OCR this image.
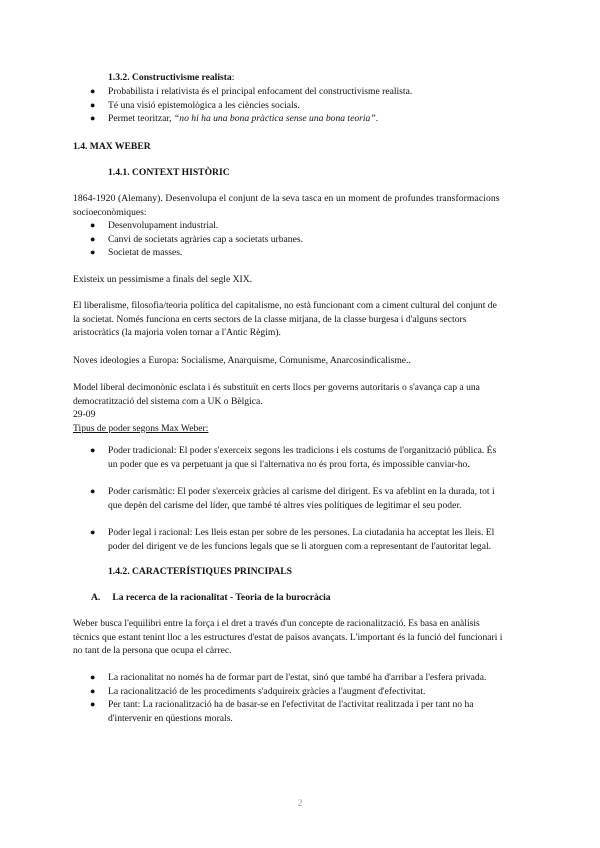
1.3.2. Constructivisme realista:
● Probabilista i relativista és el principal enfocament del constructivisme realista.
● Té una visió epistemològica a les ciències socials.
● Permet teoritzar, “no hi ha una bona pràctica sense una bona teoria”.
1.4. MAX WEBER
1.4.1. CONTEXT HISTÒRIC
1864-1920 (Alemany). Desenvolupa el conjunt de la seva tasca en un moment de profundes transformacions
socioeconòmiques:
● Desenvolupament industrial.
● Canvi de societats agràries cap a societats urbanes.
● Societat de masses.
Existeix un pessimisme a finals del segle XIX.
El liberalisme, filosofia/teoria política del capitalisme, no està funcionant com a ciment cultural del conjunt de
la societat. Només funciona en certs sectors de la classe mitjana, de la classe burgesa i d'alguns sectors
aristocràtics (la majoria volen tornar a l'Antic Règim).
Noves ideologies a Europa: Socialisme, Anarquisme, Comunisme, Anarcosindicalisme..
Model liberal decimonònic esclata i és substituït en certs llocs per governs autoritaris o s'avança cap a una
democratització del sistema com a UK o Bèlgica.
29-09
Tipus de poder segons Max Weber:
● Poder tradicional: El poder s'exerceix segons les tradicions i els costums de l'organització pública. És
un poder que es va perpetuant ja que si l'alternativa no és prou forta, és impossible canviar-ho.
● Poder carismàtic: El poder s'exerceix gràcies al carisme del dirigent. Es va afeblint en la durada, tot i
que depèn del carisme del líder, que també té altres vies polítiques de legitimar el seu poder.
● Poder legal i racional: Les lleis estan per sobre de les persones. La ciutadania ha acceptat les lleis. El
poder del dirigent ve de les funcions legals que se li atorguen com a representant de l'autoritat legal.
1.4.2. CARACTERÍSTIQUES PRINCIPALS
A. La recerca de la racionalitat - Teoria de la burocràcia
Weber busca l'equilibri entre la força i el dret a través d'un concepte de racionalització. Es basa en anàlisis
tècnics que estant tenint lloc a les estructures d'estat de països avançats. L'important és la funció del funcionari i
no tant de la persona que ocupa el càrrec.
● La racionalitat no només ha de formar part de l'estat, sinó que també ha d'arribar a l'esfera privada.
● La racionalització de les procediments s'adquireix gràcies a l'augment d'efectivitat.
● Per tant: La racionalització ha de basar-se en l'efectivitat de l'activitat realitzada i per tant no ha
d'intervenir en qüestions morals.
2
